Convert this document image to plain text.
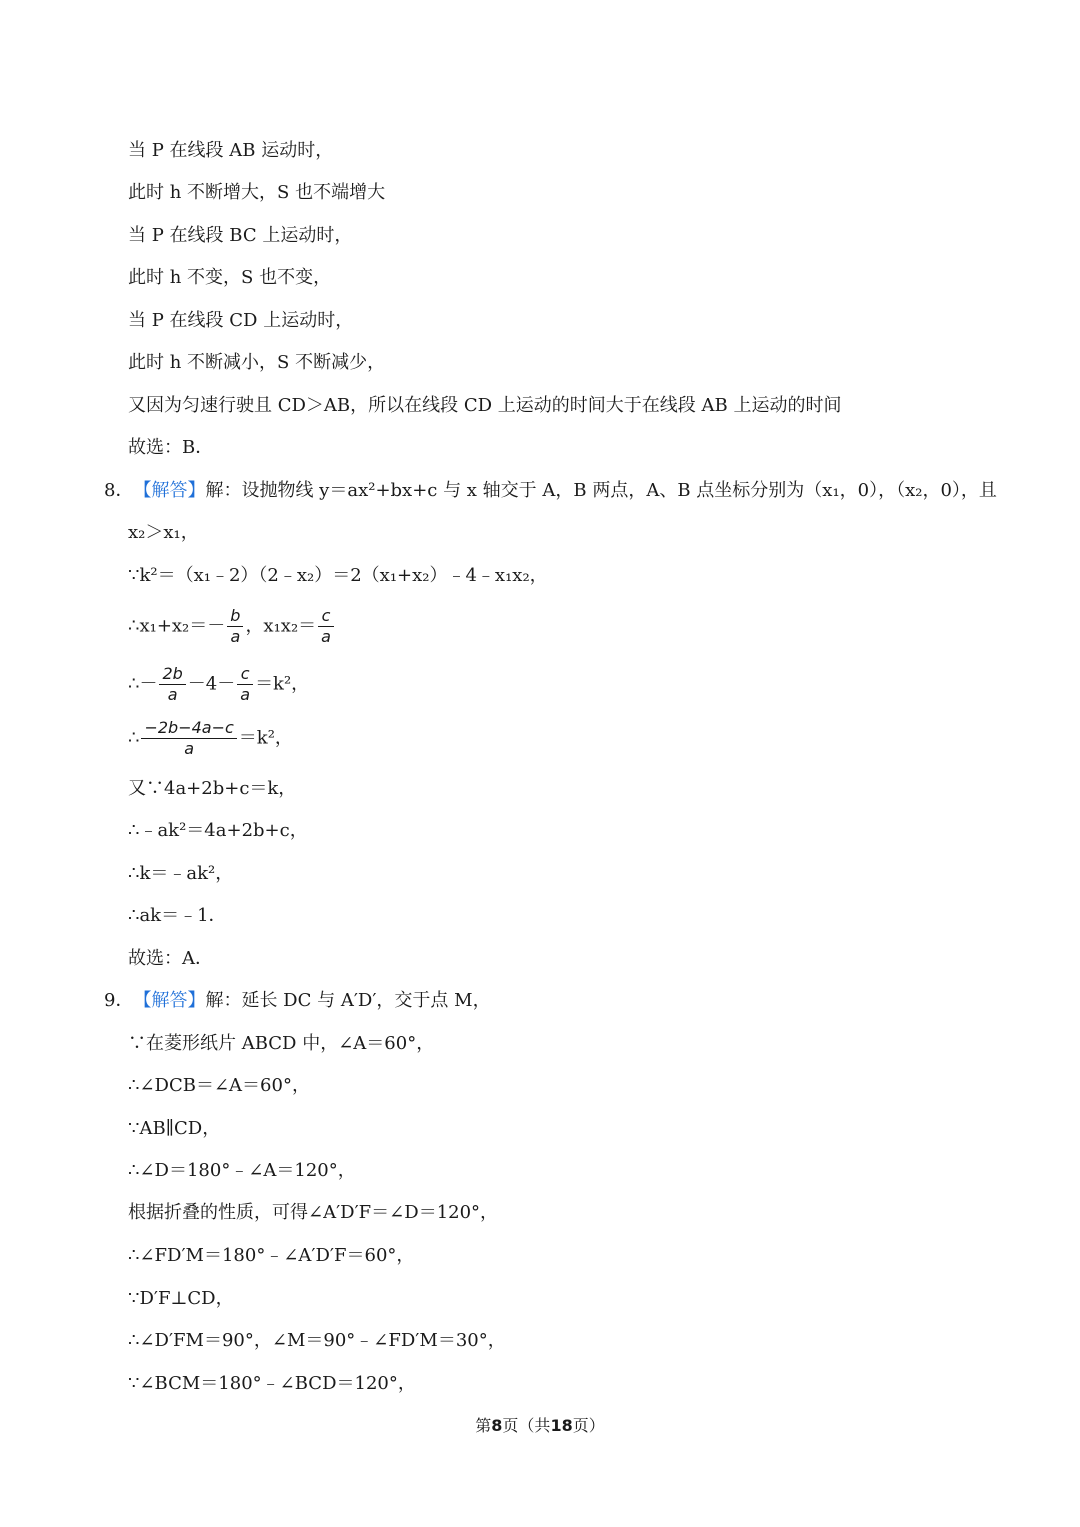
当 P 在线段 AB 运动时，
此时 h 不断增大，S 也不端增大
当 P 在线段 BC 上运动时，
此时 h 不变，S 也不变，
当 P 在线段 CD 上运动时，
此时 h 不断减小，S 不断减少，
又因为匀速行驶且 CD＞AB，所以在线段 CD 上运动的时间大于在线段 AB 上运动的时间
故选：B．
8．【解答】解：设抛物线 y＝ax²+bx+c 与 x 轴交于 A，B 两点，A、B 点坐标分别为（x₁，0），（x₂，0），且
x₂＞x₁，
∵k²＝（x₁﹣2）（2﹣x₂）＝2（x₁+x₂）﹣4﹣x₁x₂，
∴x₁+x₂＝－ $\frac{b}{a}$ ，$x_1x_2= \frac{c}{a}$
∴－ $\frac{2b}{a} -4- \frac{c}{a} =k^2$，
∴ $\frac{-2b-4a-c}{a} =k^2$，
又∵4a+2b+c＝k，
∴﹣ak²＝4a+2b+c，
∴k＝﹣ak²，
∴ak＝﹣1．
故选：A．
9．【解答】解：延长 DC 与 A′D′，交于点 M，
∵在菱形纸片 ABCD 中，∠A＝60°，
∴∠DCB＝∠A＝60°，
∵AB∥CD，
∴∠D＝180°﹣∠A＝120°，
根据折叠的性质，可得∠A′D′F＝∠D＝120°，
∴∠FD′M＝180°﹣∠A′D′F＝60°，
∵D′F⊥CD，
∴∠D′FM＝90°，∠M＝90°﹣∠FD′M＝30°，
∵∠BCM＝180°﹣∠BCD＝120°，
第8页（共18页）
